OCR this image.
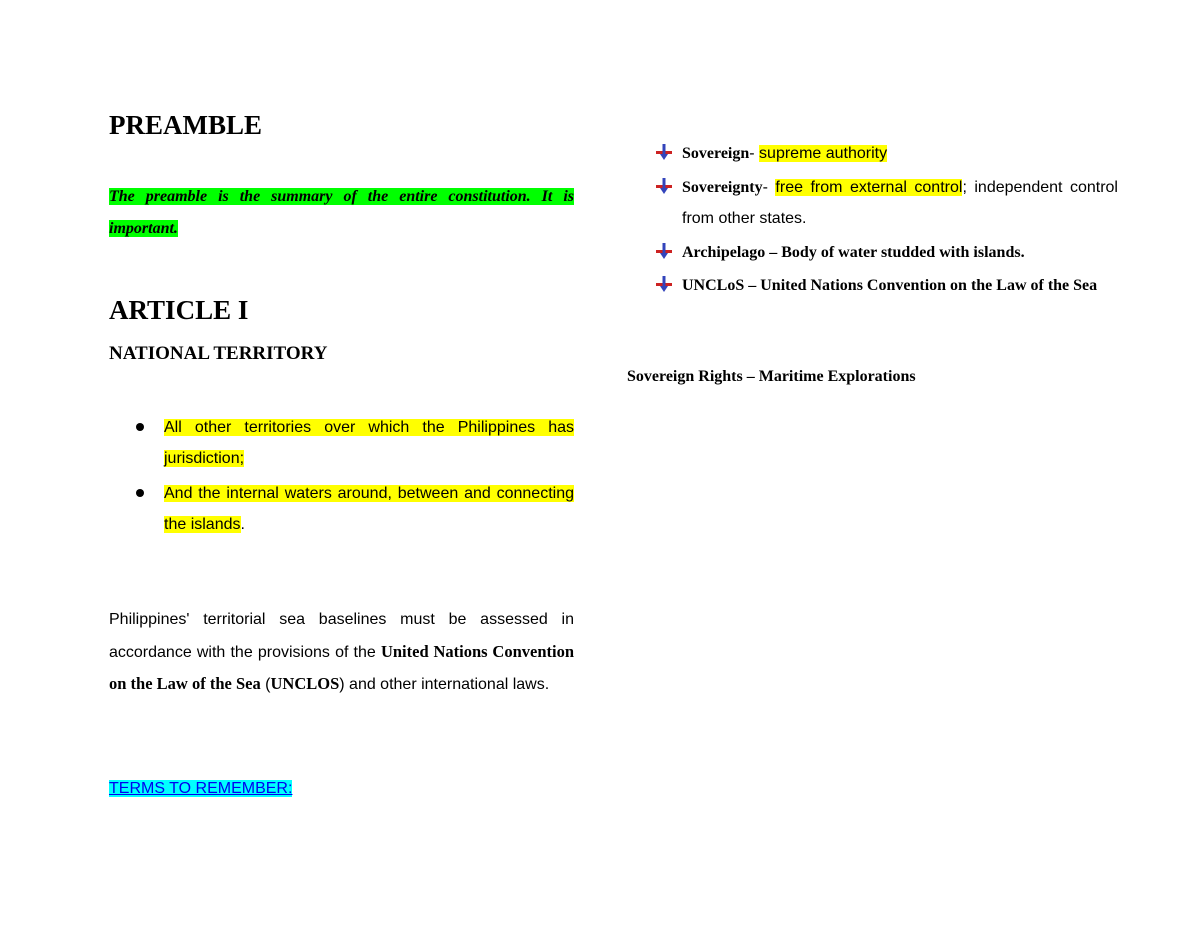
PREAMBLE

The preamble is the summary of the entire constitution. It is important.

ARTICLE I
NATIONAL TERRITORY
All other territories over which the Philippines has jurisdiction;
And the internal waters around, between and connecting the islands.

Philippines' territorial sea baselines must be assessed in accordance with the provisions of the United Nations Convention on the Law of the Sea (UNCLOS) and other international laws.

TERMS TO REMEMBER:

Sovereign- supreme authority
Sovereignty- free from external control; independent control from other states.
Archipelago – Body of water studded with islands.
UNCLoS – United Nations Convention on the Law of the Sea

Sovereign Rights – Maritime Explorations
